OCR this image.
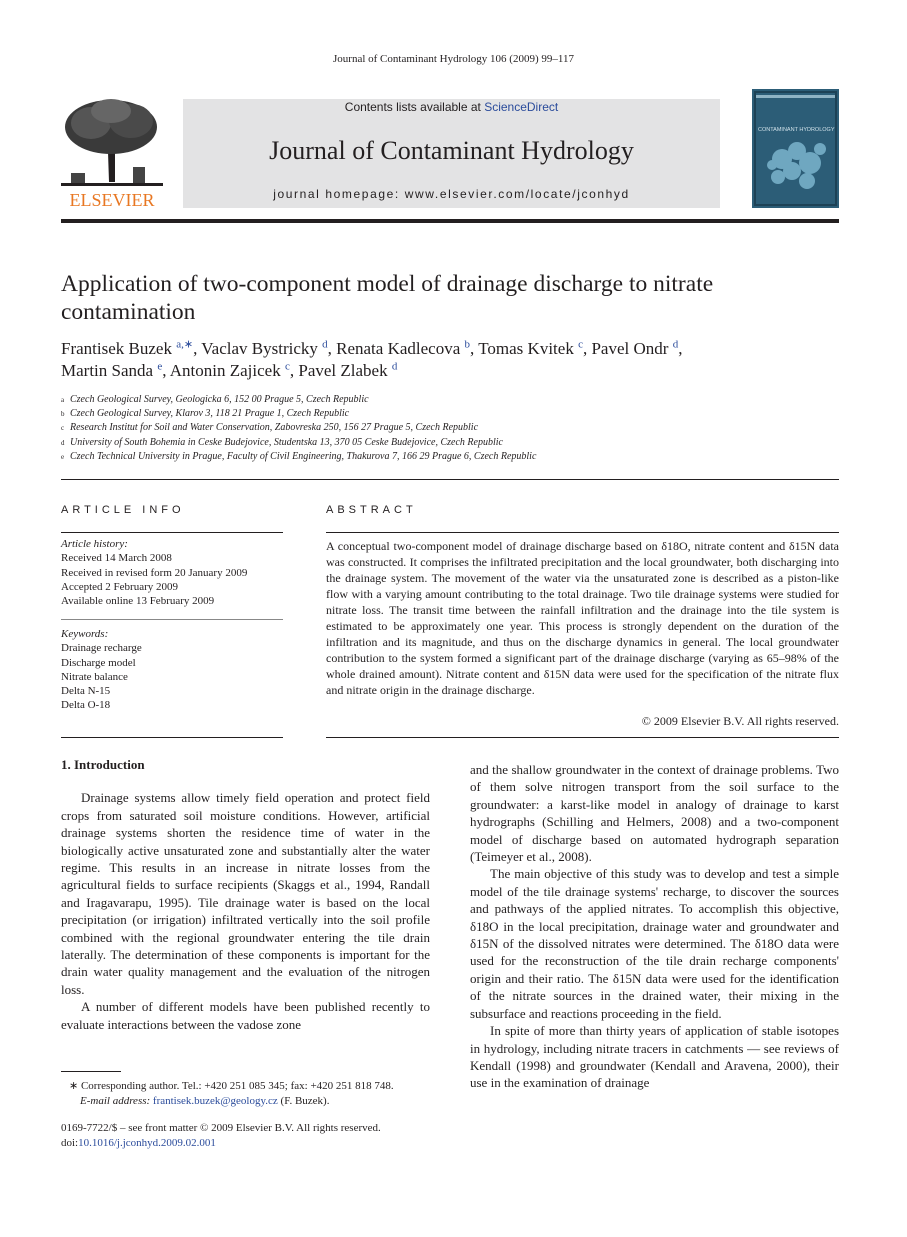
Journal of Contaminant Hydrology 106 (2009) 99–117
ELSEVIER
Contents lists available at ScienceDirect
Journal of Contaminant Hydrology
journal homepage: www.elsevier.com/locate/jconhyd
CONTAMINANT HYDROLOGY
Application of two-component model of drainage discharge to nitrate contamination
Frantisek Buzek $^{a,∗}$, Vaclav Bystricky $^d$, Renata Kadlecova $^b$, Tomas Kvitek $^c$, Pavel Ondr $^d$,
Martin Sanda $^e$, Antonin Zajicek $^c$, Pavel Zlabek $^d$
a Czech Geological Survey, Geologicka 6, 152 00 Prague 5, Czech Republic
b Czech Geological Survey, Klarov 3, 118 21 Prague 1, Czech Republic
c Research Institut for Soil and Water Conservation, Zabovreska 250, 156 27 Prague 5, Czech Republic
d University of South Bohemia in Ceske Budejovice, Studentska 13, 370 05 Ceske Budejovice, Czech Republic
e Czech Technical University in Prague, Faculty of Civil Engineering, Thakurova 7, 166 29 Prague 6, Czech Republic
ARTICLE INFO	ABSTRACT
Article history:
Received 14 March 2008
Received in revised form 20 January 2009
Accepted 2 February 2009
Available online 13 February 2009
Keywords:
Drainage recharge
Discharge model
Nitrate balance
Delta N-15
Delta O-18
A conceptual two-component model of drainage discharge based on δ18O, nitrate content and δ15N data was constructed. It comprises the infiltrated precipitation and the local groundwater, both discharging into the drainage system. The movement of the water via the unsaturated zone is described as a piston-like flow with a varying amount contributing to the total drainage. Two tile drainage systems were studied for nitrate loss. The transit time between the rainfall infiltration and the drainage into the tile system is estimated to be approximately one year. This process is strongly dependent on the duration of the infiltration and its magnitude, and thus on the discharge dynamics in general. The local groundwater contribution to the system formed a significant part of the drainage discharge (varying as 65–98% of the whole drained amount). Nitrate content and δ15N data were used for the specification of the nitrate flux and nitrate origin in the drainage discharge.
© 2009 Elsevier B.V. All rights reserved.
1. Introduction

Drainage systems allow timely field operation and protect field crops from saturated soil moisture conditions. However, artificial drainage systems shorten the residence time of water in the biologically active unsaturated zone and substantially alter the water regime. This results in an increase in nitrate losses from the agricultural fields to surface recipients (Skaggs et al., 1994, Randall and Iragavarapu, 1995). Tile drainage water is based on the local precipitation (or irrigation) infiltrated vertically into the soil profile combined with the regional groundwater entering the tile drain laterally. The determination of these components is important for the drain water quality management and the evaluation of the nitrogen loss.

A number of different models have been published recently to evaluate interactions between the vadose zone

and the shallow groundwater in the context of drainage problems. Two of them solve nitrogen transport from the soil surface to the groundwater: a karst-like model in analogy of drainage to karst hydrographs (Schilling and Helmers, 2008) and a two-component model of discharge based on automated hydrograph separation (Teimeyer et al., 2008).

The main objective of this study was to develop and test a simple model of the tile drainage systems' recharge, to discover the sources and pathways of the applied nitrates. To accomplish this objective, δ18O in the local precipitation, drainage water and groundwater and δ15N of the dissolved nitrates were determined. The δ18O data were used for the reconstruction of the tile drain recharge components' origin and their ratio. The δ15N data were used for the identification of the nitrate sources in the drained water, their mixing in the subsurface and reactions proceeding in the field.

In spite of more than thirty years of application of stable isotopes in hydrology, including nitrate tracers in catchments — see reviews of Kendall (1998) and groundwater (Kendall and Aravena, 2000), their use in the examination of drainage

∗ Corresponding author. Tel.: +420 251 085 345; fax: +420 251 818 748.
E-mail address: frantisek.buzek@geology.cz (F. Buzek).
0169-7722/$ – see front matter © 2009 Elsevier B.V. All rights reserved.
doi:10.1016/j.jconhyd.2009.02.001
